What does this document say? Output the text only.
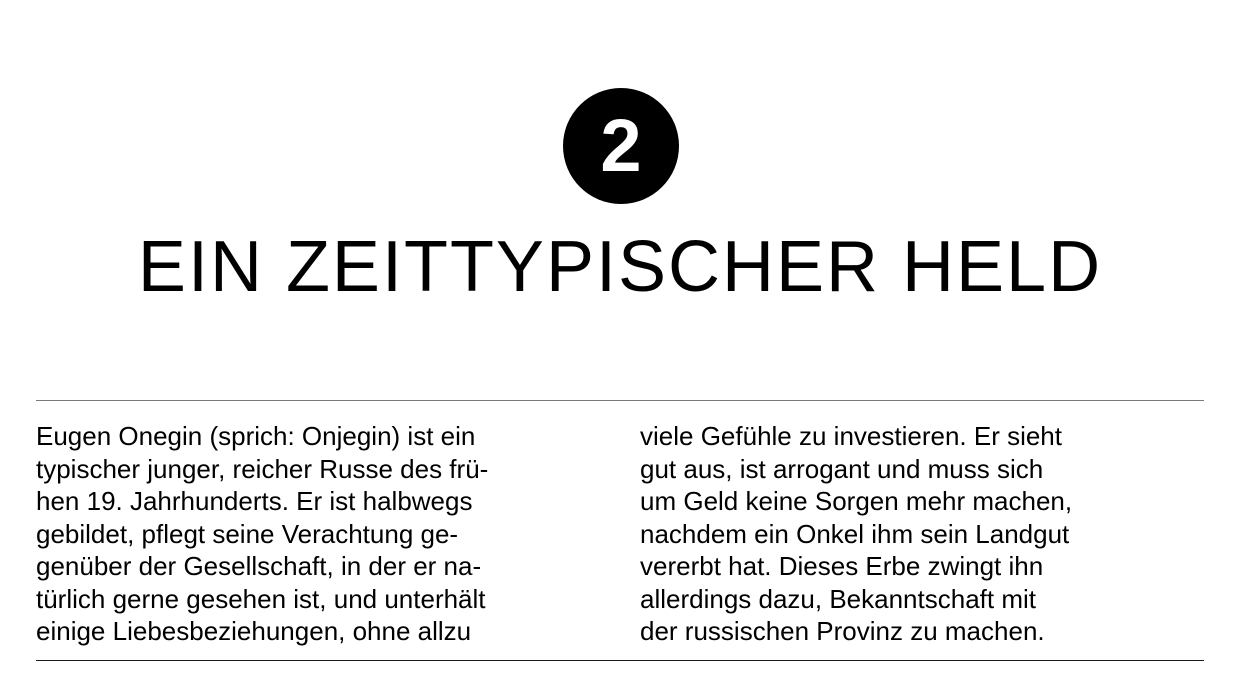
2
EIN ZEITTYPISCHER HELD
Eugen Onegin (sprich: Onjegin) ist ein
typischer junger, reicher Russe des frü-
hen 19. Jahrhunderts. Er ist halbwegs
gebildet, pflegt seine Verachtung ge-
genüber der Gesellschaft, in der er na-
türlich gerne gesehen ist, und unterhält
einige Liebesbeziehungen, ohne allzu
viele Gefühle zu investieren. Er sieht
gut aus, ist arrogant und muss sich
um Geld keine Sorgen mehr machen,
nachdem ein Onkel ihm sein Landgut
vererbt hat. Dieses Erbe zwingt ihn
allerdings dazu, Bekanntschaft mit
der russischen Provinz zu machen.
